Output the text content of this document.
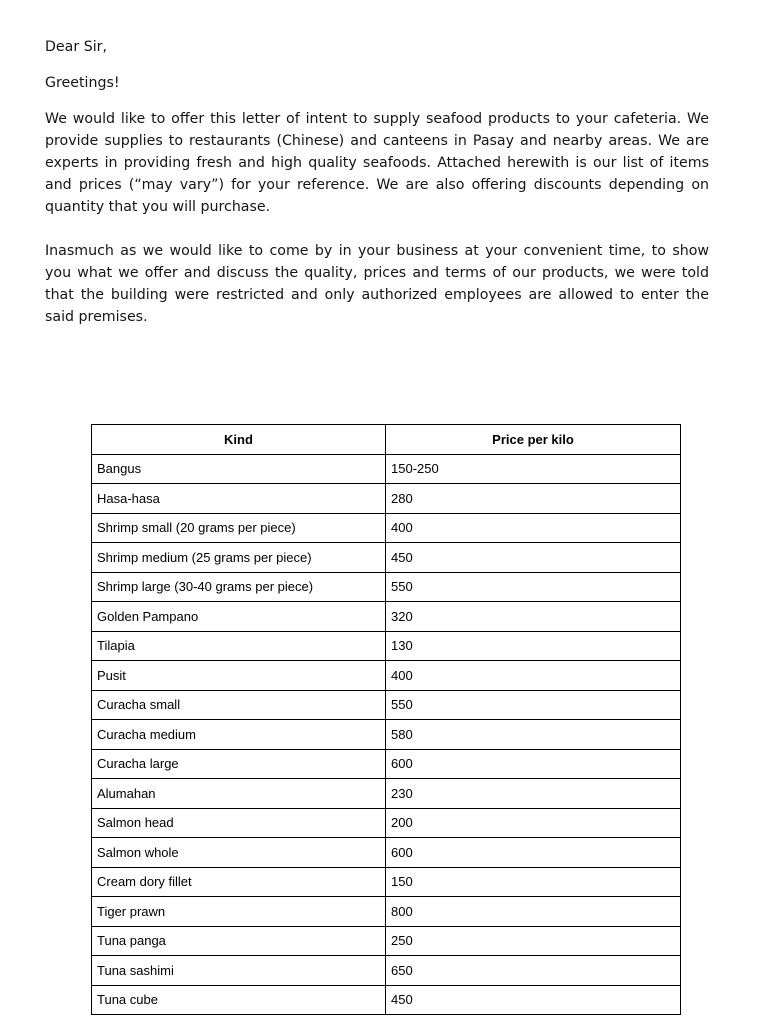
Dear Sir,

Greetings!

We would like to offer this letter of intent to supply seafood products to your cafeteria. We provide supplies to restaurants (Chinese) and canteens in Pasay and nearby areas. We are experts in providing fresh and high quality seafoods. Attached herewith is our list of items and prices (“may vary”) for your reference. We are also offering discounts depending on quantity that you will purchase.

Inasmuch as we would like to come by in your business at your convenient time, to show you what we offer and discuss the quality, prices and terms of our products, we were told that the building were restricted and only authorized employees are allowed to enter the said premises.

Kind	Price per kilo
Bangus	150-250
Hasa-hasa	280
Shrimp small (20 grams per piece)	400
Shrimp medium (25 grams per piece)	450
Shrimp large (30-40 grams per piece)	550
Golden Pampano	320
Tilapia	130
Pusit	400
Curacha small	550
Curacha medium	580
Curacha large	600
Alumahan	230
Salmon head	200
Salmon whole	600
Cream dory fillet	150
Tiger prawn	800
Tuna panga	250
Tuna sashimi	650
Tuna cube	450
